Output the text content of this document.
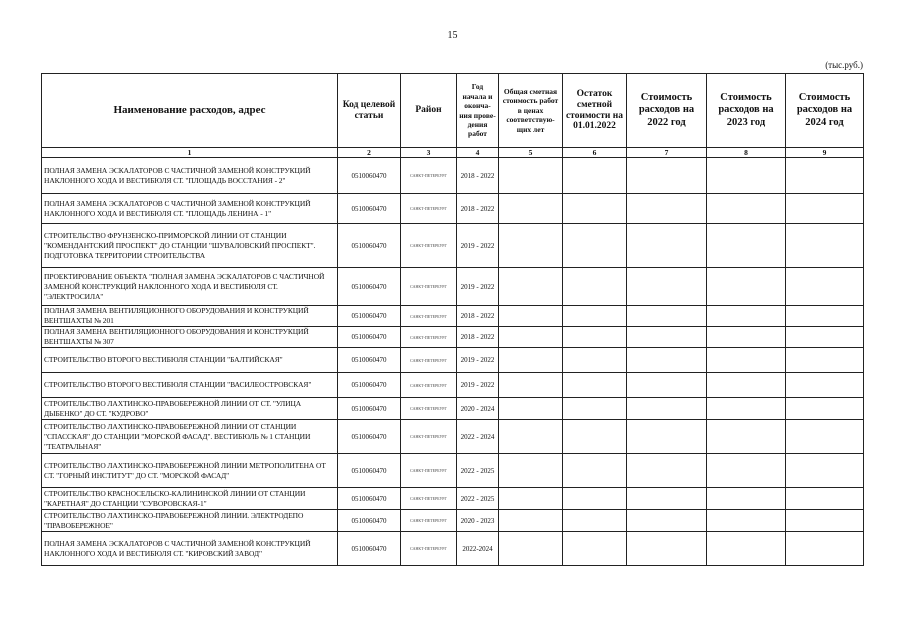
15
(тыс.руб.)
Наименование расходов, адрес	Код целевой статьи	Район	Год начала и оконча-ния прове-дения работ	Общая сметная стоимость работ в ценах соответствую-щих лет	Остаток сметной стоимости на 01.01.2022	Стоимость расходов на 2022 год	Стоимость расходов на 2023 год	Стоимость расходов на 2024 год
1	2	3	4	5	6	7	8	9
ПОЛНАЯ ЗАМЕНА ЭСКАЛАТОРОВ С ЧАСТИЧНОЙ ЗАМЕНОЙ КОНСТРУКЦИЙ НАКЛОННОГО ХОДА И ВЕСТИБЮЛЯ СТ. "ПЛОЩАДЬ ВОССТАНИЯ - 2"	0510060470	САНКТ-ПЕТЕРБУРГ	2018 - 2022					
ПОЛНАЯ ЗАМЕНА ЭСКАЛАТОРОВ С ЧАСТИЧНОЙ ЗАМЕНОЙ КОНСТРУКЦИЙ НАКЛОННОГО ХОДА И ВЕСТИБЮЛЯ СТ. "ПЛОЩАДЬ ЛЕНИНА - 1"	0510060470	САНКТ-ПЕТЕРБУРГ	2018 - 2022					
СТРОИТЕЛЬСТВО ФРУНЗЕНСКО-ПРИМОРСКОЙ ЛИНИИ ОТ СТАНЦИИ "КОМЕНДАНТСКИЙ ПРОСПЕКТ" ДО СТАНЦИИ "ШУВАЛОВСКИЙ ПРОСПЕКТ". ПОДГОТОВКА ТЕРРИТОРИИ СТРОИТЕЛЬСТВА	0510060470	САНКТ-ПЕТЕРБУРГ	2019 - 2022					
ПРОЕКТИРОВАНИЕ ОБЪЕКТА "ПОЛНАЯ ЗАМЕНА ЭСКАЛАТОРОВ С ЧАСТИЧНОЙ ЗАМЕНОЙ КОНСТРУКЦИЙ НАКЛОННОГО ХОДА И ВЕСТИБЮЛЯ СТ. "ЭЛЕКТРОСИЛА"	0510060470	САНКТ-ПЕТЕРБУРГ	2019 - 2022					
ПОЛНАЯ ЗАМЕНА ВЕНТИЛЯЦИОННОГО ОБОРУДОВАНИЯ И КОНСТРУКЦИЙ ВЕНТШАХТЫ № 201	0510060470	САНКТ-ПЕТЕРБУРГ	2018 - 2022					
ПОЛНАЯ ЗАМЕНА ВЕНТИЛЯЦИОННОГО ОБОРУДОВАНИЯ И КОНСТРУКЦИЙ ВЕНТШАХТЫ № 307	0510060470	САНКТ-ПЕТЕРБУРГ	2018 - 2022					
СТРОИТЕЛЬСТВО ВТОРОГО ВЕСТИБЮЛЯ СТАНЦИИ "БАЛТИЙСКАЯ"	0510060470	САНКТ-ПЕТЕРБУРГ	2019 - 2022					
СТРОИТЕЛЬСТВО ВТОРОГО ВЕСТИБЮЛЯ СТАНЦИИ "ВАСИЛЕОСТРОВСКАЯ"	0510060470	САНКТ-ПЕТЕРБУРГ	2019 - 2022					
СТРОИТЕЛЬСТВО ЛАХТИНСКО-ПРАВОБЕРЕЖНОЙ ЛИНИИ ОТ СТ. "УЛИЦА ДЫБЕНКО" ДО СТ. "КУДРОВО"	0510060470	САНКТ-ПЕТЕРБУРГ	2020 - 2024					
СТРОИТЕЛЬСТВО ЛАХТИНСКО-ПРАВОБЕРЕЖНОЙ ЛИНИИ ОТ СТАНЦИИ "СПАССКАЯ" ДО СТАНЦИИ "МОРСКОЙ ФАСАД". ВЕСТИБЮЛЬ № 1 СТАНЦИИ "ТЕАТРАЛЬНАЯ"	0510060470	САНКТ-ПЕТЕРБУРГ	2022 - 2024					
СТРОИТЕЛЬСТВО ЛАХТИНСКО-ПРАВОБЕРЕЖНОЙ ЛИНИИ МЕТРОПОЛИТЕНА ОТ СТ. "ГОРНЫЙ ИНСТИТУТ" ДО СТ. "МОРСКОЙ ФАСАД"	0510060470	САНКТ-ПЕТЕРБУРГ	2022 - 2025					
СТРОИТЕЛЬСТВО КРАСНОСЕЛЬСКО-КАЛИНИНСКОЙ ЛИНИИ ОТ СТАНЦИИ "КАРЕТНАЯ" ДО СТАНЦИИ "СУВОРОВСКАЯ-1"	0510060470	САНКТ-ПЕТЕРБУРГ	2022 - 2025					
СТРОИТЕЛЬСТВО ЛАХТИНСКО-ПРАВОБЕРЕЖНОЙ ЛИНИИ. ЭЛЕКТРОДЕПО "ПРАВОБЕРЕЖНОЕ"	0510060470	САНКТ-ПЕТЕРБУРГ	2020 - 2023					
ПОЛНАЯ ЗАМЕНА ЭСКАЛАТОРОВ С ЧАСТИЧНОЙ ЗАМЕНОЙ КОНСТРУКЦИЙ НАКЛОННОГО ХОДА И ВЕСТИБЮЛЯ СТ. "КИРОВСКИЙ ЗАВОД"	0510060470	САНКТ-ПЕТЕРБУРГ	2022-2024					
